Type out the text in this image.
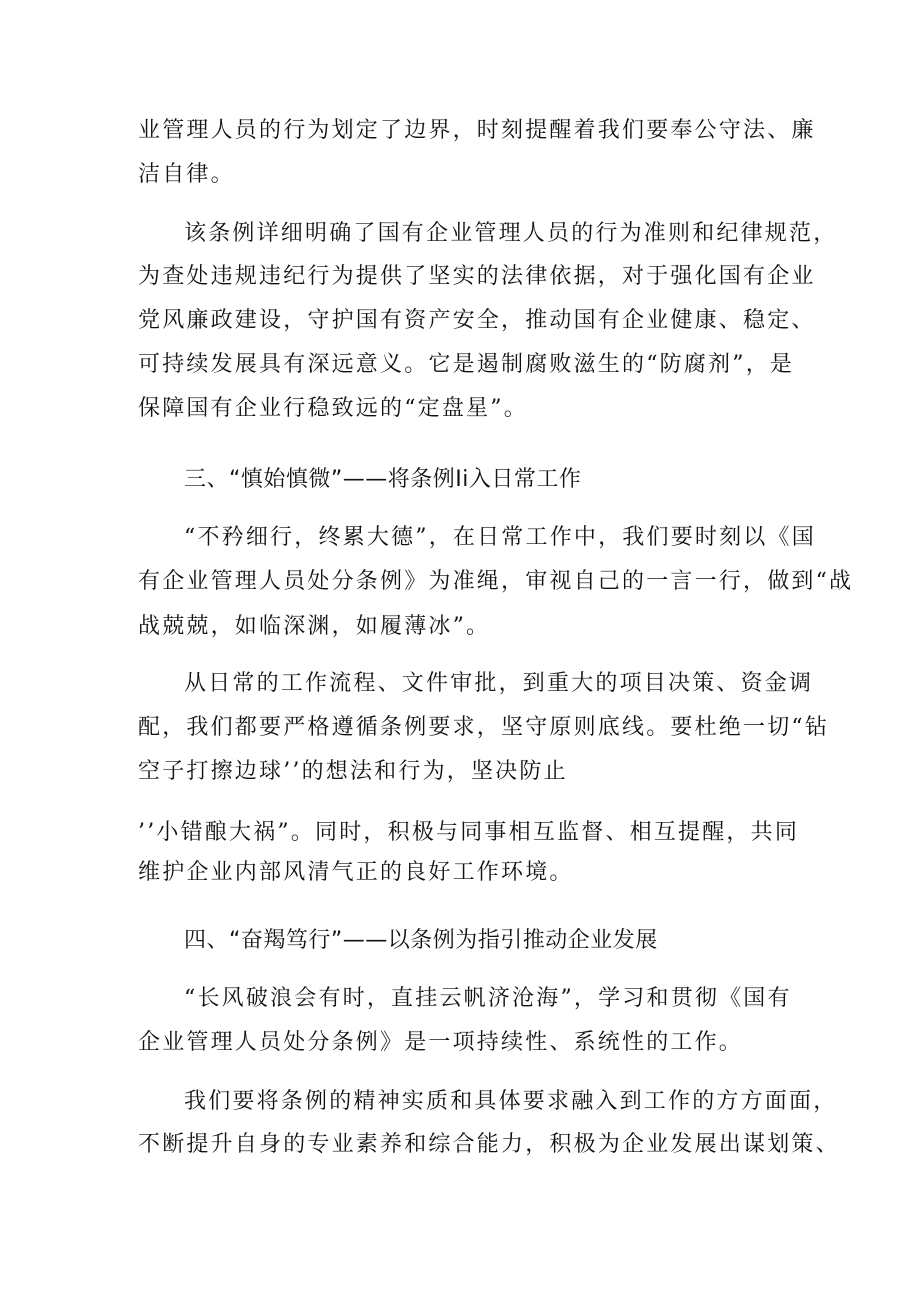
业管理人员的行为划定了边界，时刻提醒着我们要奉公守法、廉
洁自律。
该条例详细明确了国有企业管理人员的行为准则和纪律规范，
为查处违规违纪行为提供了坚实的法律依据，对于强化国有企业
党风廉政建设，守护国有资产安全，推动国有企业健康、稳定、
可持续发展具有深远意义。它是遏制腐败滋生的“防腐剂”，是
保障国有企业行稳致远的“定盘星”。
三、“慎始慎微”——将条例Ii入日常工作
“不矜细行，终累大德”，在日常工作中，我们要时刻以《国
有企业管理人员处分条例》为准绳，审视自己的一言一行，做到“战
战兢兢，如临深渊，如履薄冰”。
从日常的工作流程、文件审批，到重大的项目决策、资金调
配，我们都要严格遵循条例要求，坚守原则底线。要杜绝一切“钻
空子打擦边球’’的想法和行为，坚决防止
’’小错酿大祸”。同时，积极与同事相互监督、相互提醒，共同
维护企业内部风清气正的良好工作环境。
四、“奋羯笃行”——以条例为指引推动企业发展
“长风破浪会有时，直挂云帆济沧海”，学习和贯彻《国有
企业管理人员处分条例》是一项持续性、系统性的工作。
我们要将条例的精神实质和具体要求融入到工作的方方面面，
不断提升自身的专业素养和综合能力，积极为企业发展出谋划策、
